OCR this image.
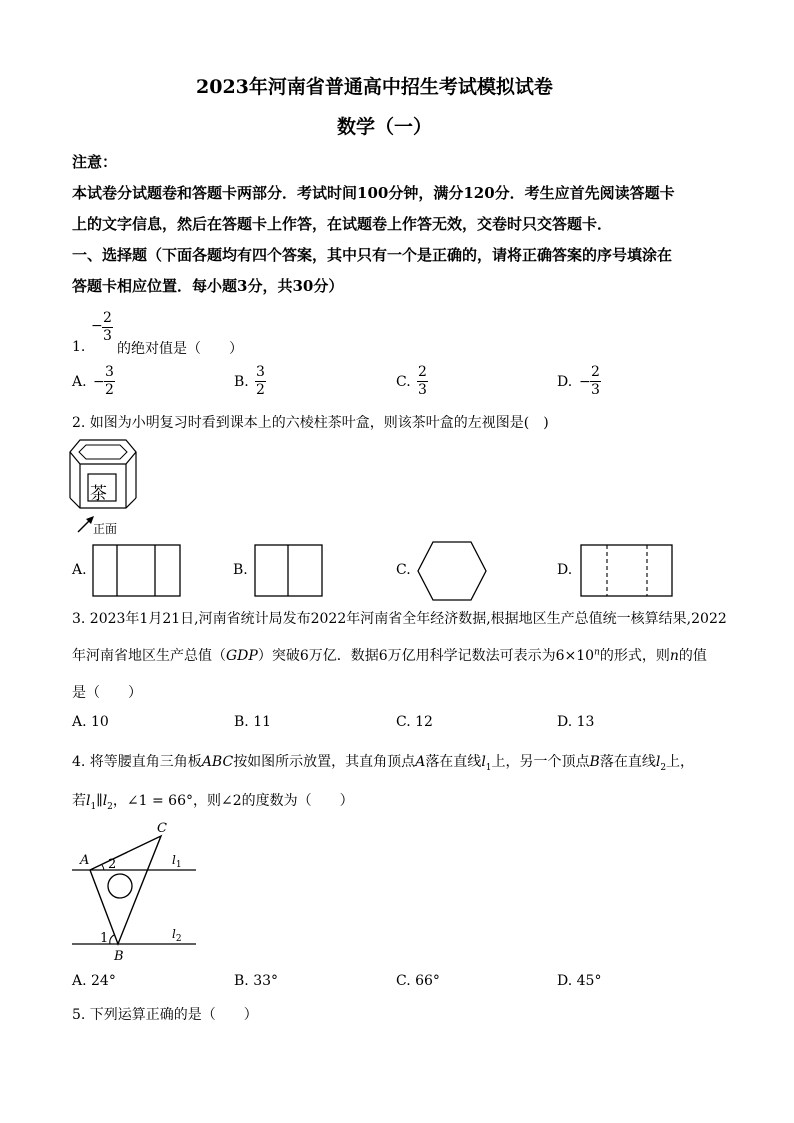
2023年河南省普通高中招生考试模拟试卷
数学（一）
注意：
本试卷分试题卷和答题卡两部分．考试时间100分钟，满分120分．考生应首先阅读答题卡
上的文字信息，然后在答题卡上作答，在试题卷上作答无效，交卷时只交答题卡．
一、选择题（下面各题均有四个答案，其中只有一个是正确的，请将正确答案的序号填涂在
答题卡相应位置．每小题3分，共30分）
1.
− $\frac{2}{3}$
的绝对值是（　　）
A. − $\frac{3}{2}$	B. $\frac{3}{2}$	C. $\frac{2}{3}$	D. − $\frac{2}{3}$
2. 如图为小明复习时看到课本上的六棱柱茶叶盒，则该茶叶盒的左视图是(　)
茶
正面
A.	B.	C.	D.
3. 2023年1月21日,河南省统计局发布2022年河南省全年经济数据,根据地区生产总值统一核算结果,2022
年河南省地区生产总值（GDP）突破6万亿．数据6万亿用科学记数法可表示为$6\times 10^n$的形式，则n的值
是（　　）
A. 10	B. 11	C. 12	D. 13
4. 将等腰直角三角板ABC按如图所示放置，其直角顶点A落在直线$l_1$上，另一个顶点B落在直线$l_2$上，
若$l_1\parallel l_2$，∠1 = 66°，则∠2的度数为（　　）
C
A
B
2
1
$l_1$
$l_2$
A. 24°	B. 33°	C. 66°	D. 45°
5. 下列运算正确的是（　　）
